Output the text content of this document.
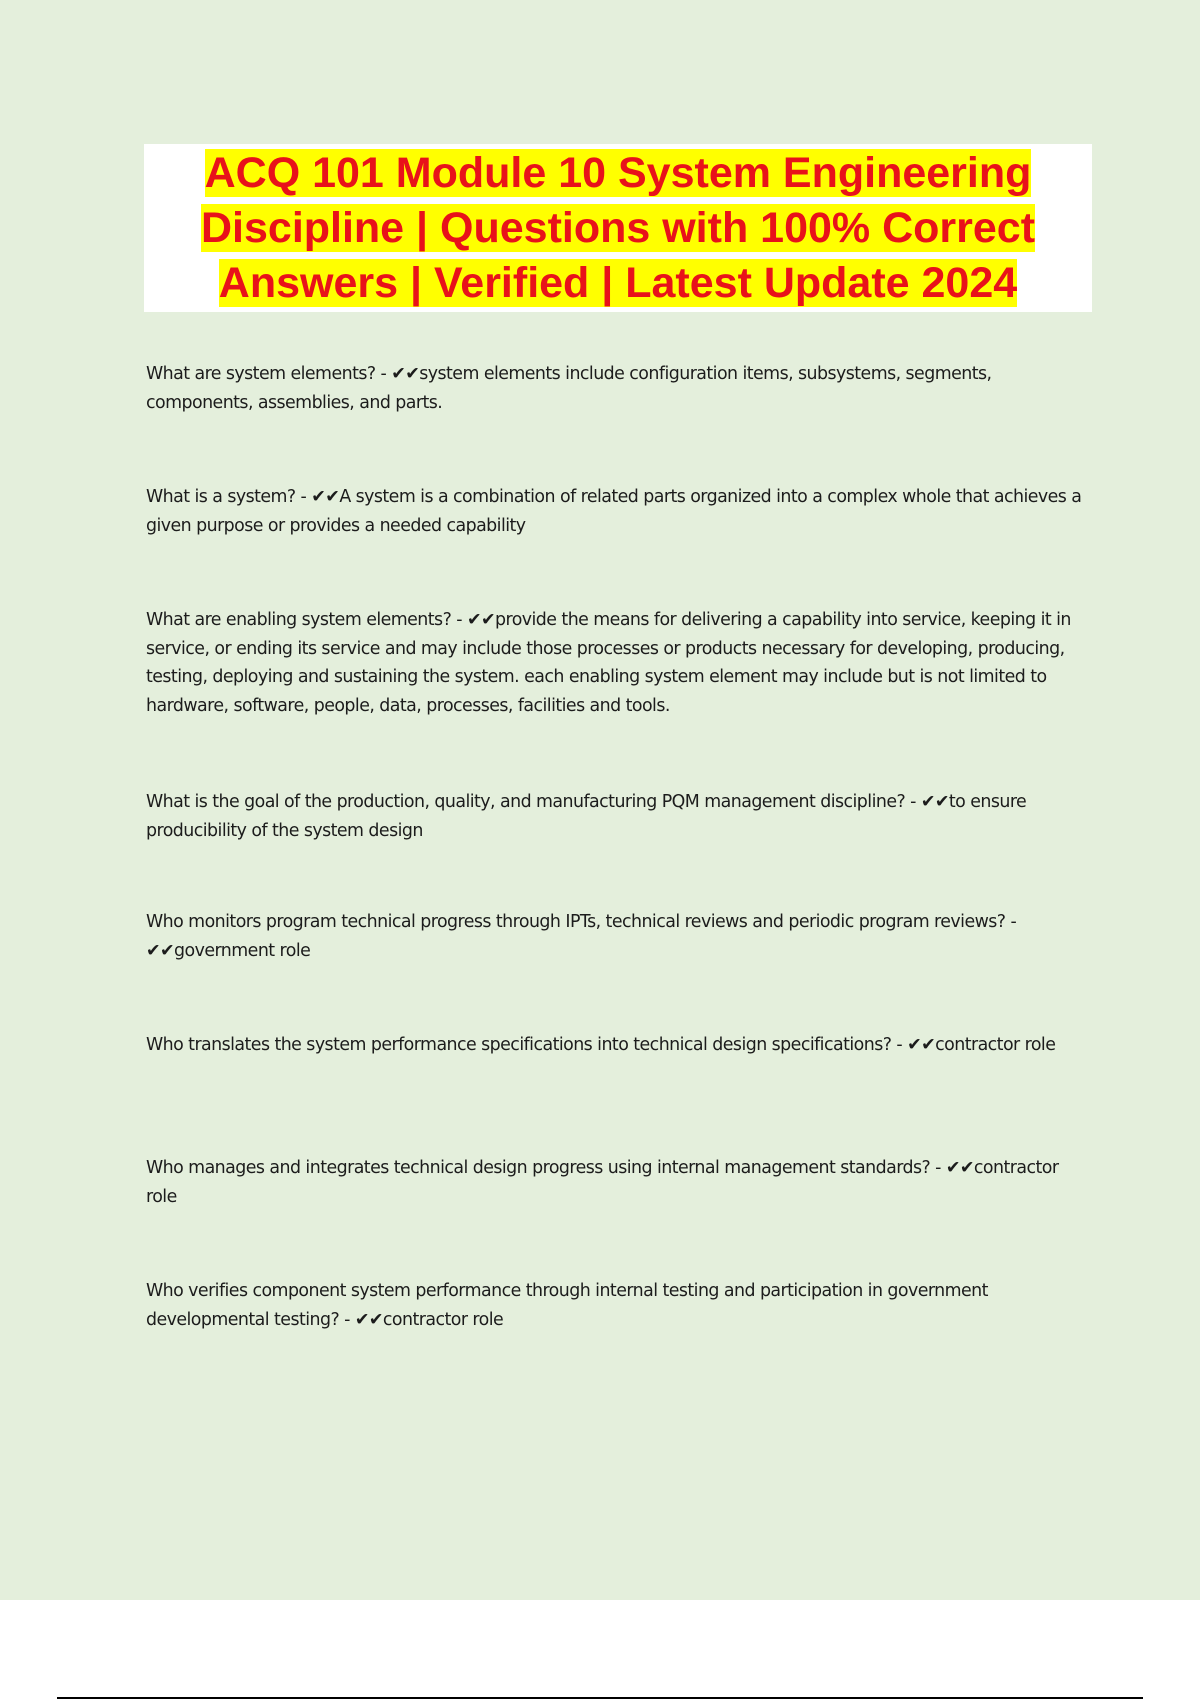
ACQ 101 Module 10 System Engineering Discipline | Questions with 100% Correct Answers | Verified | Latest Update 2024
What are system elements? - ✔✔system elements include configuration items, subsystems, segments, components, assemblies, and parts.
What is a system? - ✔✔A system is a combination of related parts organized into a complex whole that achieves a given purpose or provides a needed capability
What are enabling system elements? - ✔✔provide the means for delivering a capability into service, keeping it in service, or ending its service and may include those processes or products necessary for developing, producing, testing, deploying and sustaining the system. each enabling system element may include but is not limited to hardware, software, people, data, processes, facilities and tools.
What is the goal of the production, quality, and manufacturing PQM management discipline? - ✔✔to ensure producibility of the system design
Who monitors program technical progress through IPTs, technical reviews and periodic program reviews? - ✔✔government role
Who translates the system performance specifications into technical design specifications? - ✔✔contractor role
Who manages and integrates technical design progress using internal management standards? - ✔✔contractor role
Who verifies component system performance through internal testing and participation in government developmental testing? - ✔✔contractor role
